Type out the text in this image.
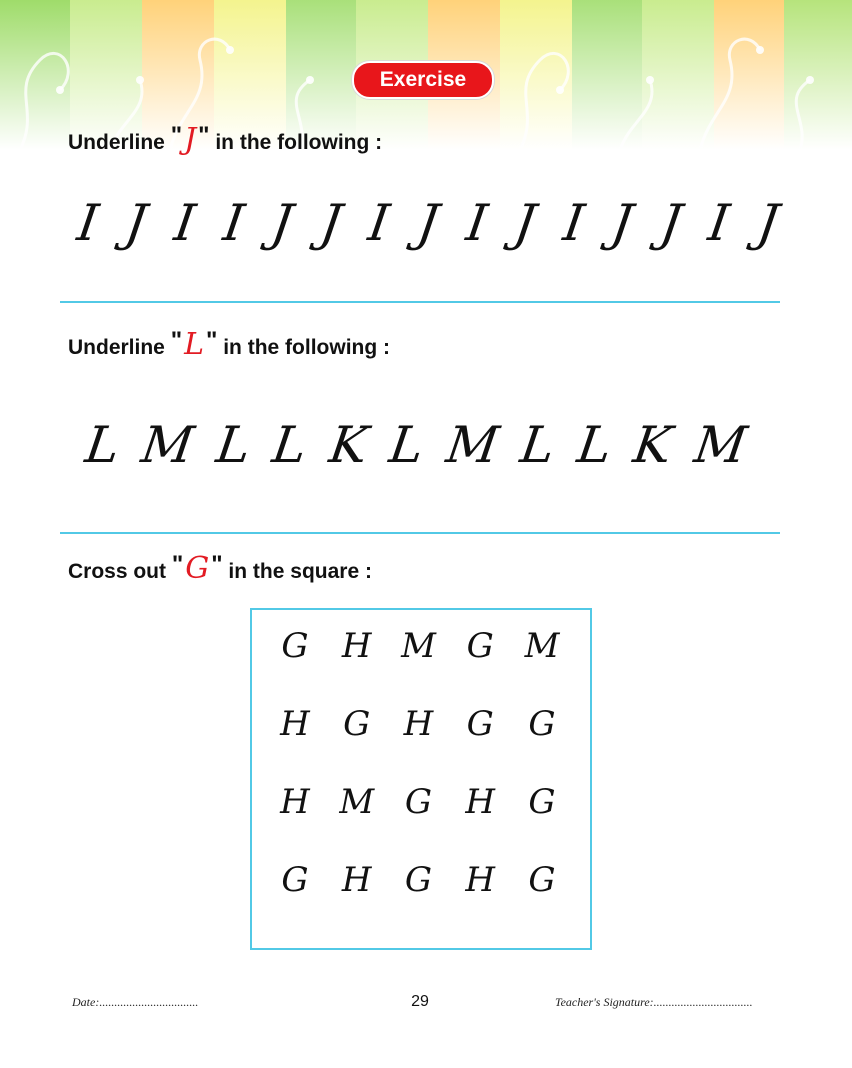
Exercise
Underline "J" in the following :
I J I I J J I J I J I J J I J
Underline "L" in the following :
L M L L K L M L L K M
Cross out "G" in the square :
G H M G M
H G H G	G
H M G H G
G H G H G
Date:.................................	29	Teacher's Signature:.................................
